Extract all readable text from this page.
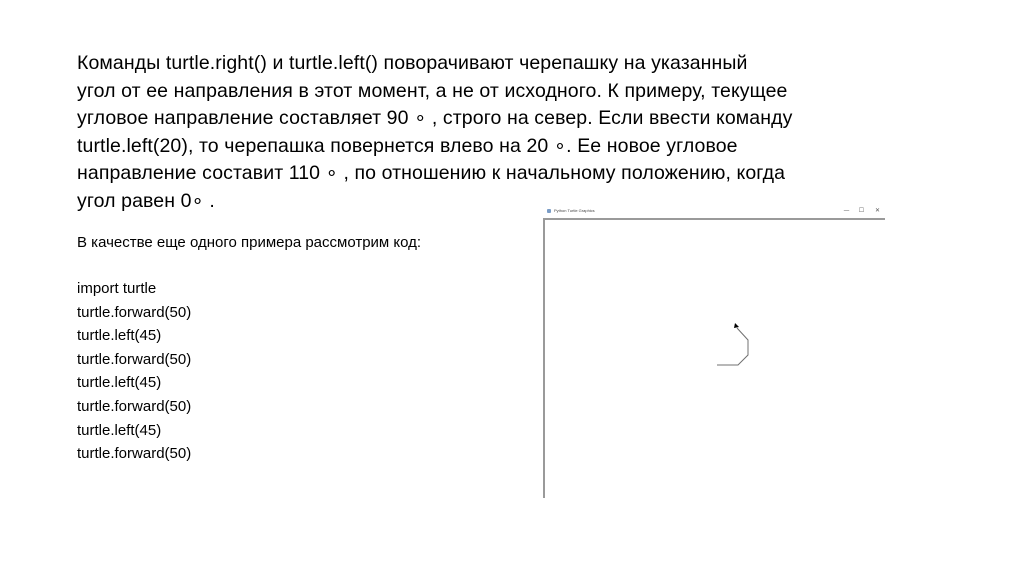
Команды turtle.right() и turtle.left() поворачивают черепашку на указанный
угол от ее направления в этот момент, а не от исходного. К примеру, текущее
угловое направление составляет 90 ∘ , строго на север. Если ввести команду
turtle.left(20), то черепашка повернется влево на 20 ∘. Ее новое угловое
направление составит 110 ∘ , по отношению к начальному положению, когда
угол равен 0∘ .

В качестве еще одного примера рассмотрим код:

import turtle
turtle.forward(50)
turtle.left(45)
turtle.forward(50)
turtle.left(45)
turtle.forward(50)
turtle.left(45)
turtle.forward(50)
Python Turtle Graphics	— ☐	✕
